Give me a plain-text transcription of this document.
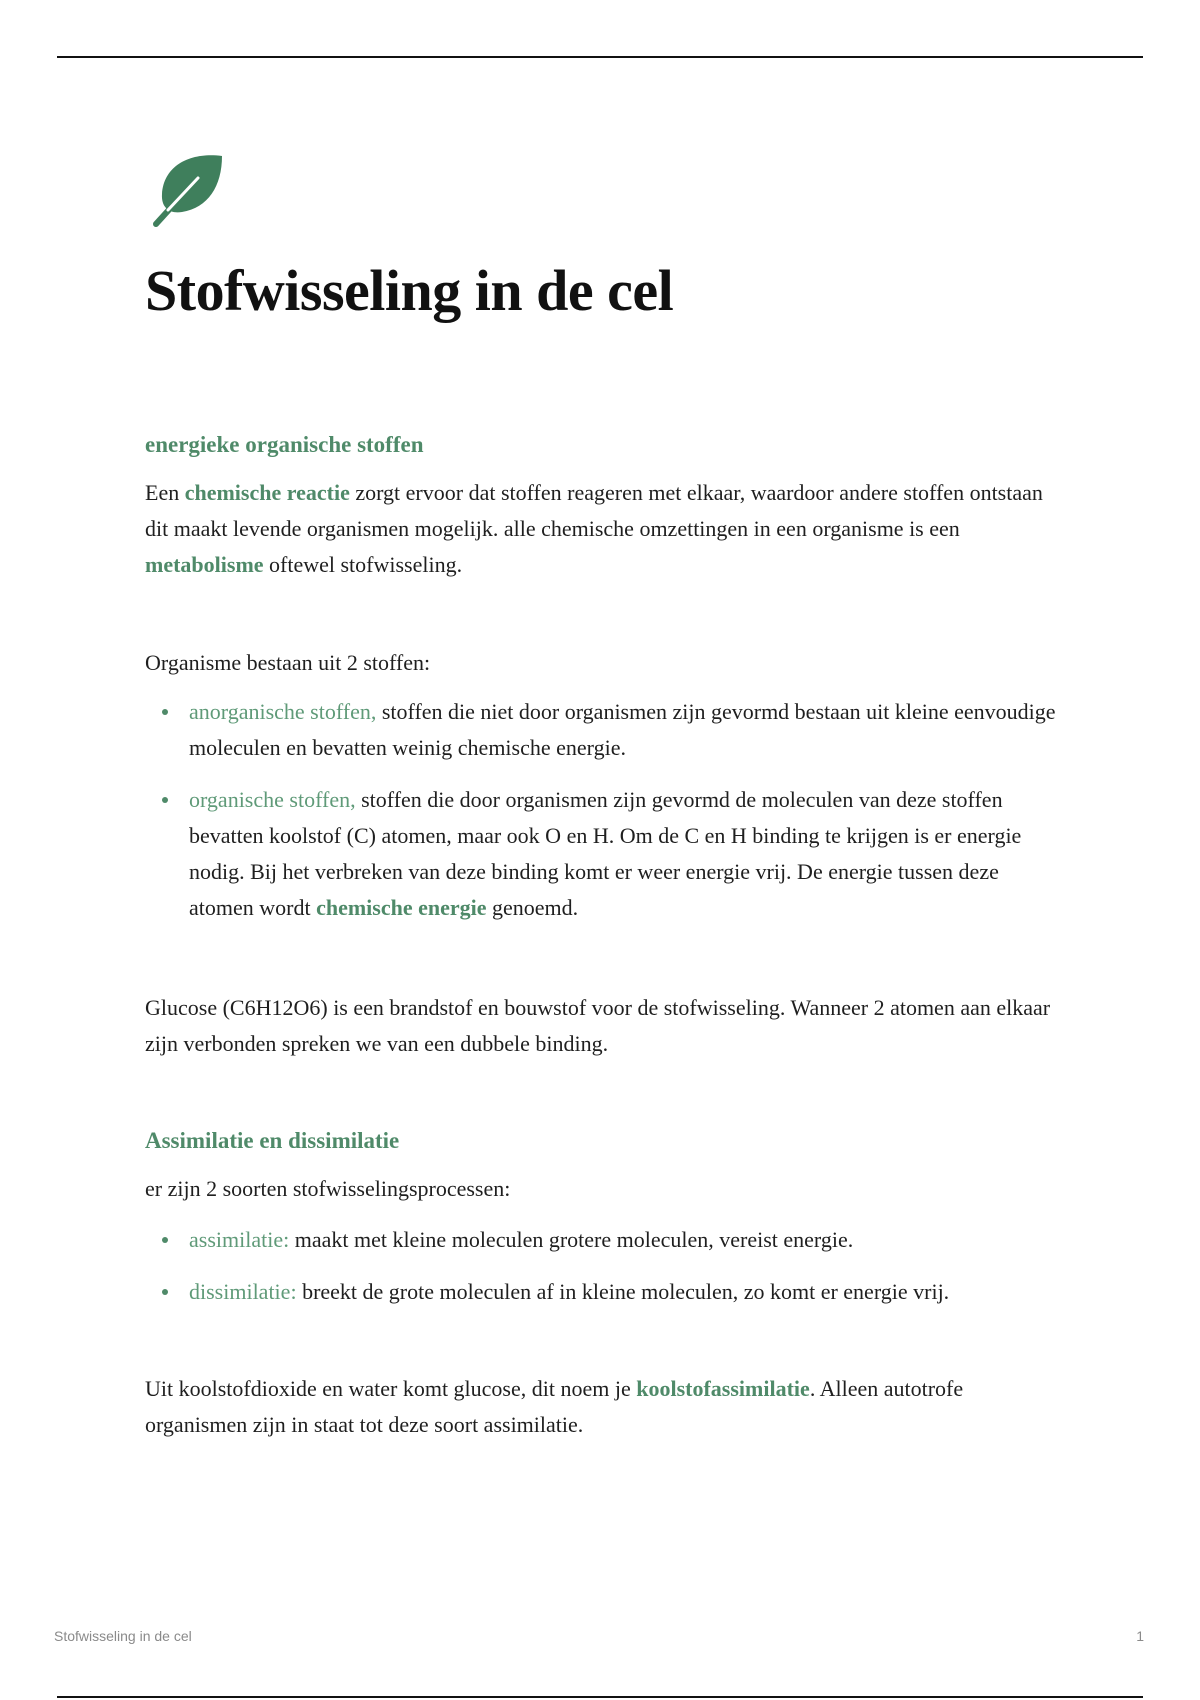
Stofwisseling in de cel
energieke organische stoffen

Een chemische reactie zorgt ervoor dat stoffen reageren met elkaar, waardoor andere stoffen ontstaan dit maakt levende organismen mogelijk. alle chemische omzettingen in een organisme is een metabolisme oftewel stofwisseling.

Organisme bestaan uit 2 stoffen:

anorganische stoffen, stoffen die niet door organismen zijn gevormd bestaan uit kleine eenvoudige moleculen en bevatten weinig chemische energie.
organische stoffen, stoffen die door organismen zijn gevormd de moleculen van deze stoffen bevatten koolstof (C) atomen, maar ook O en H. Om de C en H binding te krijgen is er energie nodig. Bij het verbreken van deze binding komt er weer energie vrij. De energie tussen deze atomen wordt chemische energie genoemd.

Glucose (C6H12O6) is een brandstof en bouwstof voor de stofwisseling. Wanneer 2 atomen aan elkaar zijn verbonden spreken we van een dubbele binding.

Assimilatie en dissimilatie

er zijn 2 soorten stofwisselingsprocessen:

assimilatie: maakt met kleine moleculen grotere moleculen, vereist energie.
dissimilatie: breekt de grote moleculen af in kleine moleculen, zo komt er energie vrij.

Uit koolstofdioxide en water komt glucose, dit noem je koolstofassimilatie. Alleen autotrofe organismen zijn in staat tot deze soort assimilatie.

Stofwisseling in de cel	1
